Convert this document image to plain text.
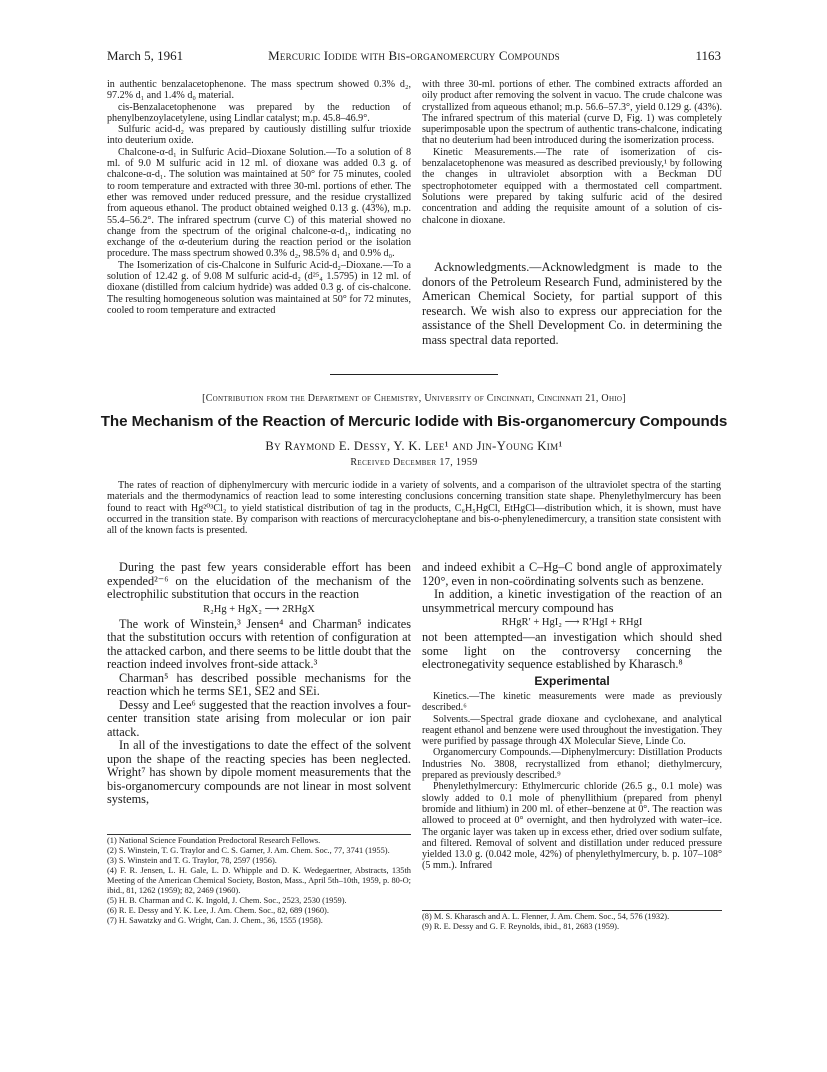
March 5, 1961	Mercuric Iodide with Bis-organomercury Compounds	1163

in authentic benzalacetophenone. The mass spectrum showed 0.3% d₂, 97.2% d₁ and 1.4% d₀ material.

cis-Benzalacetophenone was prepared by the reduction of phenylbenzoylacetylene, using Lindlar catalyst; m.p. 45.8–46.9°.

Sulfuric acid-d₂ was prepared by cautiously distilling sulfur trioxide into deuterium oxide.

Chalcone-α-d₁ in Sulfuric Acid–Dioxane Solution.—To a solution of 8 ml. of 9.0 M sulfuric acid in 12 ml. of dioxane was added 0.3 g. of chalcone-α-d₁. The solution was maintained at 50° for 75 minutes, cooled to room temperature and extracted with three 30-ml. portions of ether. The ether was removed under reduced pressure, and the residue crystallized from aqueous ethanol. The product obtained weighed 0.13 g. (43%), m.p. 55.4–56.2°. The infrared spectrum (curve C) of this material showed no change from the spectrum of the original chalcone-α-d₁, indicating no exchange of the α-deuterium during the reaction period or the isolation procedure. The mass spectrum showed 0.3% d₂, 98.5% d₁ and 0.9% d₀.

The Isomerization of cis-Chalcone in Sulfuric Acid-d₂–Dioxane.—To a solution of 12.42 g. of 9.08 M sulfuric acid-d₂ (d²⁵₄ 1.5795) in 12 ml. of dioxane (distilled from calcium hydride) was added 0.3 g. of cis-chalcone. The resulting homogeneous solution was maintained at 50° for 72 minutes, cooled to room temperature and extracted

with three 30-ml. portions of ether. The combined extracts afforded an oily product after removing the solvent in vacuo. The crude chalcone was crystallized from aqueous ethanol; m.p. 56.6–57.3°, yield 0.129 g. (43%). The infrared spectrum of this material (curve D, Fig. 1) was completely superimposable upon the spectrum of authentic trans-chalcone, indicating that no deuterium had been introduced during the isomerization process.

Kinetic Measurements.—The rate of isomerization of cis-benzalacetophenone was measured as described previously,¹ by following the changes in ultraviolet absorption with a Beckman DU spectrophotometer equipped with a thermostated cell compartment. Solutions were prepared by taking sulfuric acid of the desired concentration and adding the requisite amount of a solution of cis-chalcone in dioxane.

Acknowledgments.—Acknowledgment is made to the donors of the Petroleum Research Fund, administered by the American Chemical Society, for partial support of this research. We wish also to express our appreciation for the assistance of the Shell Development Co. in determining the mass spectral data reported.

[Contribution from the Department of Chemistry, University of Cincinnati, Cincinnati 21, Ohio]
The Mechanism of the Reaction of Mercuric Iodide with Bis-organomercury Compounds
By Raymond E. Dessy, Y. K. Lee¹ and Jin-Young Kim¹
Received December 17, 1959

The rates of reaction of diphenylmercury with mercuric iodide in a variety of solvents, and a comparison of the ultraviolet spectra of the starting materials and the thermodynamics of reaction lead to some interesting conclusions concerning transition state shape. Phenylethylmercury has been found to react with Hg²⁰³Cl₂ to yield statistical distribution of tag in the products, C₆H₅HgCl, EtHgCl—distribution which, it is shown, must have occurred in the transition state. By comparison with reactions of mercuracycloheptane and bis-o-phenylenedimercury, a transition state consistent with all of the known facts is presented.

During the past few years considerable effort has been expended²⁻⁶ on the elucidation of the mechanism of the electrophilic substitution that occurs in the reaction

R₂Hg + HgX₂ ⟶ 2RHgX

The work of Winstein,³ Jensen⁴ and Charman⁵ indicates that the substitution occurs with retention of configuration at the attacked carbon, and there seems to be little doubt that the reaction indeed involves front-side attack.³

Charman⁵ has described possible mechanisms for the reaction which he terms SE1, SE2 and SEi.

Dessy and Lee⁶ suggested that the reaction involves a four-center transition state arising from molecular or ion pair attack.

In all of the investigations to date the effect of the solvent upon the shape of the reacting species has been neglected. Wright⁷ has shown by dipole moment measurements that the bis-organomercury compounds are not linear in most solvent systems,

and indeed exhibit a C–Hg–C bond angle of approximately 120°, even in non-coördinating solvents such as benzene.

In addition, a kinetic investigation of the reaction of an unsymmetrical mercury compound has

RHgR′ + HgI₂ ⟶ R′HgI + RHgI

not been attempted—an investigation which should shed some light on the controversy concerning the electronegativity sequence established by Kharasch.⁸

Experimental

Kinetics.—The kinetic measurements were made as previously described.⁶

Solvents.—Spectral grade dioxane and cyclohexane, and analytical reagent ethanol and benzene were used throughout the investigation. They were purified by passage through 4X Molecular Sieve, Linde Co.

Organomercury Compounds.—Diphenylmercury: Distillation Products Industries No. 3808, recrystallized from ethanol; diethylmercury, prepared as previously described.⁹

Phenylethylmercury: Ethylmercuric chloride (26.5 g., 0.1 mole) was slowly added to 0.1 mole of phenyllithium (prepared from phenyl bromide and lithium) in 200 ml. of ether–benzene at 0°. The reaction was allowed to proceed at 0° overnight, and then hydrolyzed with water–ice. The organic layer was taken up in excess ether, dried over sodium sulfate, and filtered. Removal of solvent and distillation under reduced pressure yielded 13.0 g. (0.042 mole, 42%) of phenylethylmercury, b. p. 107–108° (5 mm.). Infrared

(1) National Science Foundation Predoctoral Research Fellows.

(2) S. Winstein, T. G. Traylor and C. S. Garner, J. Am. Chem. Soc., 77, 3741 (1955).

(3) S. Winstein and T. G. Traylor, 78, 2597 (1956).

(4) F. R. Jensen, L. H. Gale, L. D. Whipple and D. K. Wedegaertner, Abstracts, 135th Meeting of the American Chemical Society, Boston, Mass., April 5th–10th, 1959, p. 80-O; ibid., 81, 1262 (1959); 82, 2469 (1960).

(5) H. B. Charman and C. K. Ingold, J. Chem. Soc., 2523, 2530 (1959).

(6) R. E. Dessy and Y. K. Lee, J. Am. Chem. Soc., 82, 689 (1960).

(7) H. Sawatzky and G. Wright, Can. J. Chem., 36, 1555 (1958).	(8) M. S. Kharasch and A. L. Flenner, J. Am. Chem. Soc., 54, 576 (1932).

(9) R. E. Dessy and G. F. Reynolds, ibid., 81, 2683 (1959).
